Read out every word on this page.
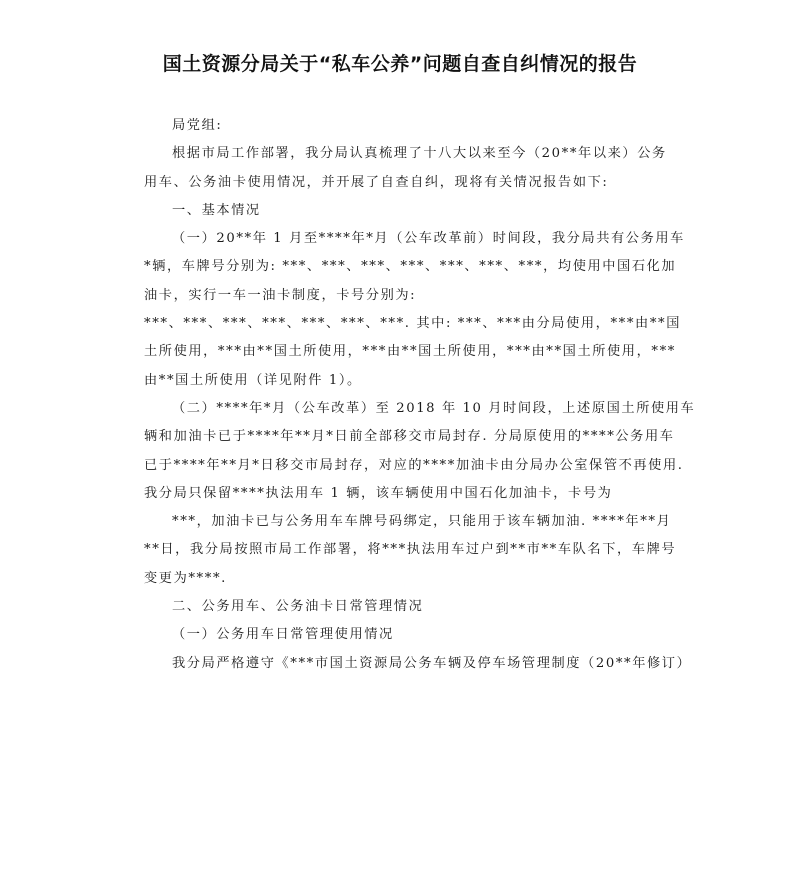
国土资源分局关于“私车公养”问题自查自纠情况的报告
局党组:
根据市局工作部署，我分局认真梳理了十八大以来至今（20**年以来）公务
用车、公务油卡使用情况，并开展了自查自纠，现将有关情况报告如下:
一、基本情况
（一）20**年 1 月至****年*月（公车改革前）时间段，我分局共有公务用车
*辆，车牌号分别为: ***、***、***、***、***、***、***，均使用中国石化加
油卡，实行一车一油卡制度，卡号分别为:
***、***、***、***、***、***、***. 其中: ***、***由分局使用，***由**国
土所使用，***由**国土所使用，***由**国土所使用，***由**国土所使用，***
由**国土所使用（详见附件 1）。
（二）****年*月（公车改革）至 2018 年 10 月时间段，上述原国土所使用车
辆和加油卡已于****年**月*日前全部移交市局封存. 分局原使用的****公务用车
已于****年**月*日移交市局封存，对应的****加油卡由分局办公室保管不再使用.
我分局只保留****执法用车 1 辆，该车辆使用中国石化加油卡，卡号为
***，加油卡已与公务用车车牌号码绑定，只能用于该车辆加油. ****年**月
**日，我分局按照市局工作部署，将***执法用车过户到**市**车队名下，车牌号
变更为****.
二、公务用车、公务油卡日常管理情况
（一）公务用车日常管理使用情况
我分局严格遵守《***市国土资源局公务车辆及停车场管理制度（20**年修订）
